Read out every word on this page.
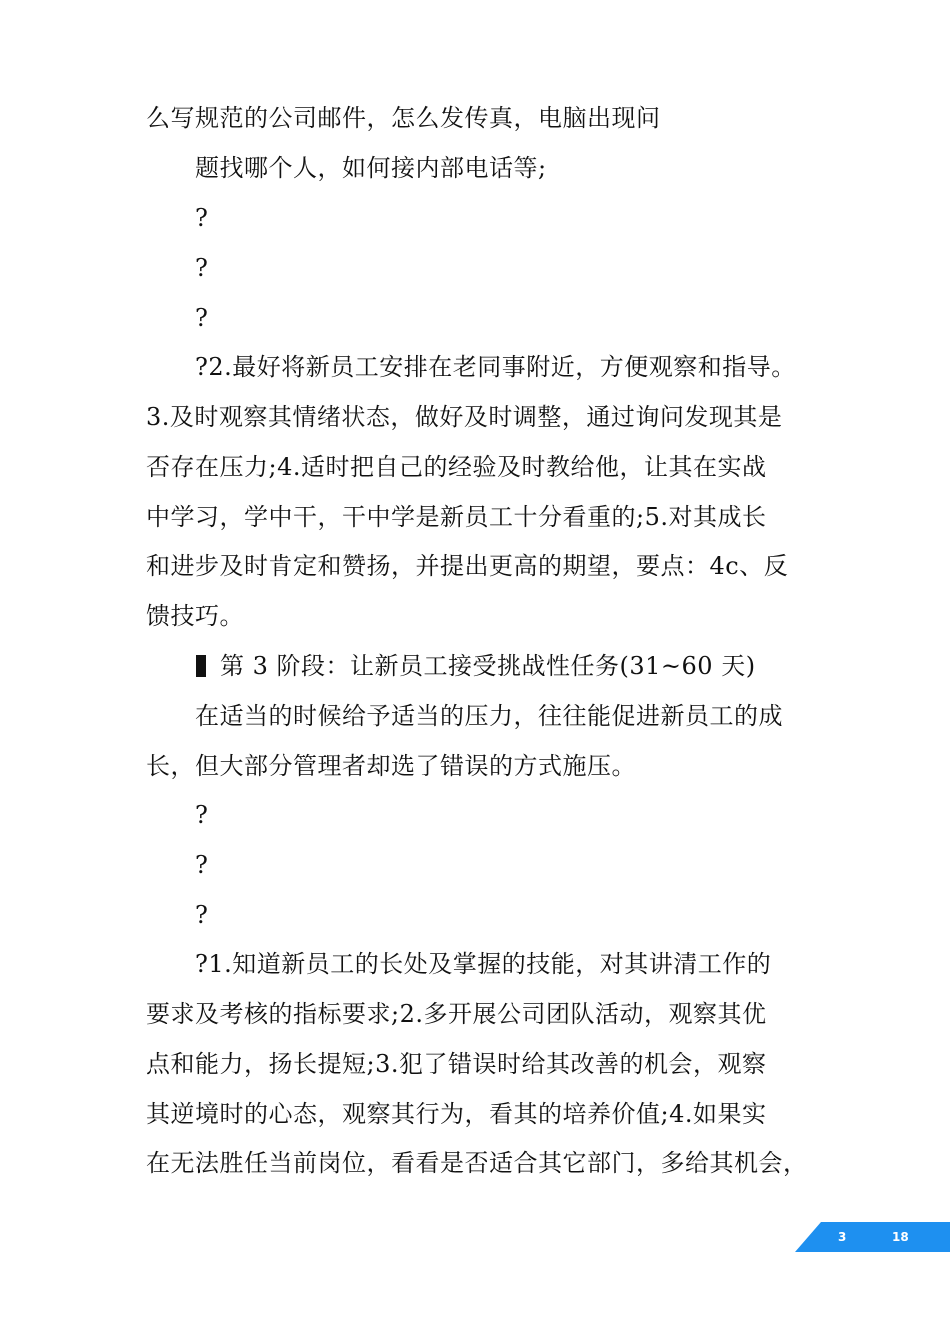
么写规范的公司邮件，怎么发传真，电脑出现问
题找哪个人，如何接内部电话等;
?
?
?
?2.最好将新员工安排在老同事附近，方便观察和指导。
3.及时观察其情绪状态，做好及时调整，通过询问发现其是
否存在压力;4.适时把自己的经验及时教给他，让其在实战
中学习，学中干，干中学是新员工十分看重的;5.对其成长
和进步及时肯定和赞扬，并提出更高的期望，要点：4c、反
馈技巧。
第 3 阶段：让新员工接受挑战性任务(31~60 天)
在适当的时候给予适当的压力，往往能促进新员工的成
长，但大部分管理者却选了错误的方式施压。
?
?
?
?1.知道新员工的长处及掌握的技能，对其讲清工作的
要求及考核的指标要求;2.多开展公司团队活动，观察其优
点和能力，扬长提短;3.犯了错误时给其改善的机会，观察
其逆境时的心态，观察其行为，看其的培养价值;4.如果实
在无法胜任当前岗位，看看是否适合其它部门，多给其机会，
3	18
